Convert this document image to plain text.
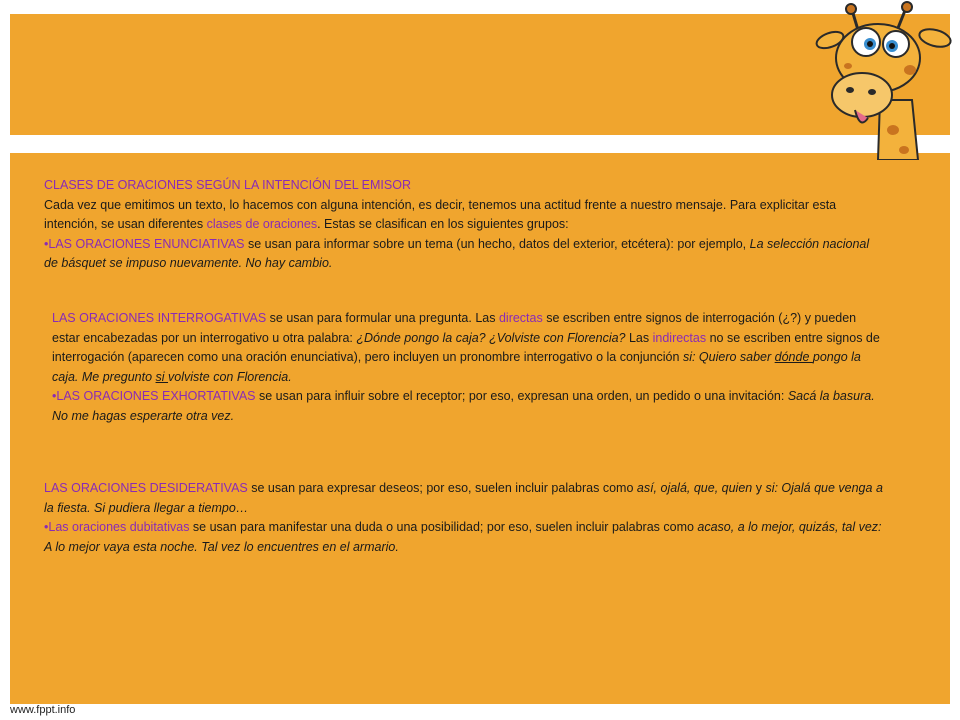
CLASES DE ORACIONES SEGÚN LA INTENCIÓN DEL EMISOR
Cada vez que emitimos un texto, lo hacemos con alguna intención, es decir, tenemos una actitud frente a nuestro mensaje. Para explicitar esta intención, se usan diferentes clases de oraciones. Estas se clasifican en los siguientes grupos:
•LAS ORACIONES ENUNCIATIVAS se usan para informar sobre un tema (un hecho, datos del exterior, etcétera): por ejemplo, La selección nacional de básquet se impuso nuevamente. No hay cambio.
LAS ORACIONES INTERROGATIVAS se usan para formular una pregunta. Las directas se escriben entre signos de interrogación (¿?) y pueden estar encabezadas por un interrogativo u otra palabra: ¿Dónde pongo la caja? ¿Volviste con Florencia? Las indirectas no se escriben entre signos de interrogación (aparecen como una oración enunciativa), pero incluyen un pronombre interrogativo o la conjunción si: Quiero saber dónde pongo la caja. Me pregunto si volviste con Florencia.
•LAS ORACIONES EXHORTATIVAS se usan para influir sobre el receptor; por eso, expresan una orden, un pedido o una invitación: Sacá la basura. No me hagas esperarte otra vez.
LAS ORACIONES DESIDERATIVAS se usan para expresar deseos; por eso, suelen incluir palabras como así, ojalá, que, quien y si: Ojalá que venga a la fiesta. Si pudiera llegar a tiempo…
•Las oraciones dubitativas se usan para manifestar una duda o una posibilidad; por eso, suelen incluir palabras como acaso, a lo mejor, quizás, tal vez: A lo mejor vaya esta noche. Tal vez lo encuentres en el armario.
www.fppt.info
